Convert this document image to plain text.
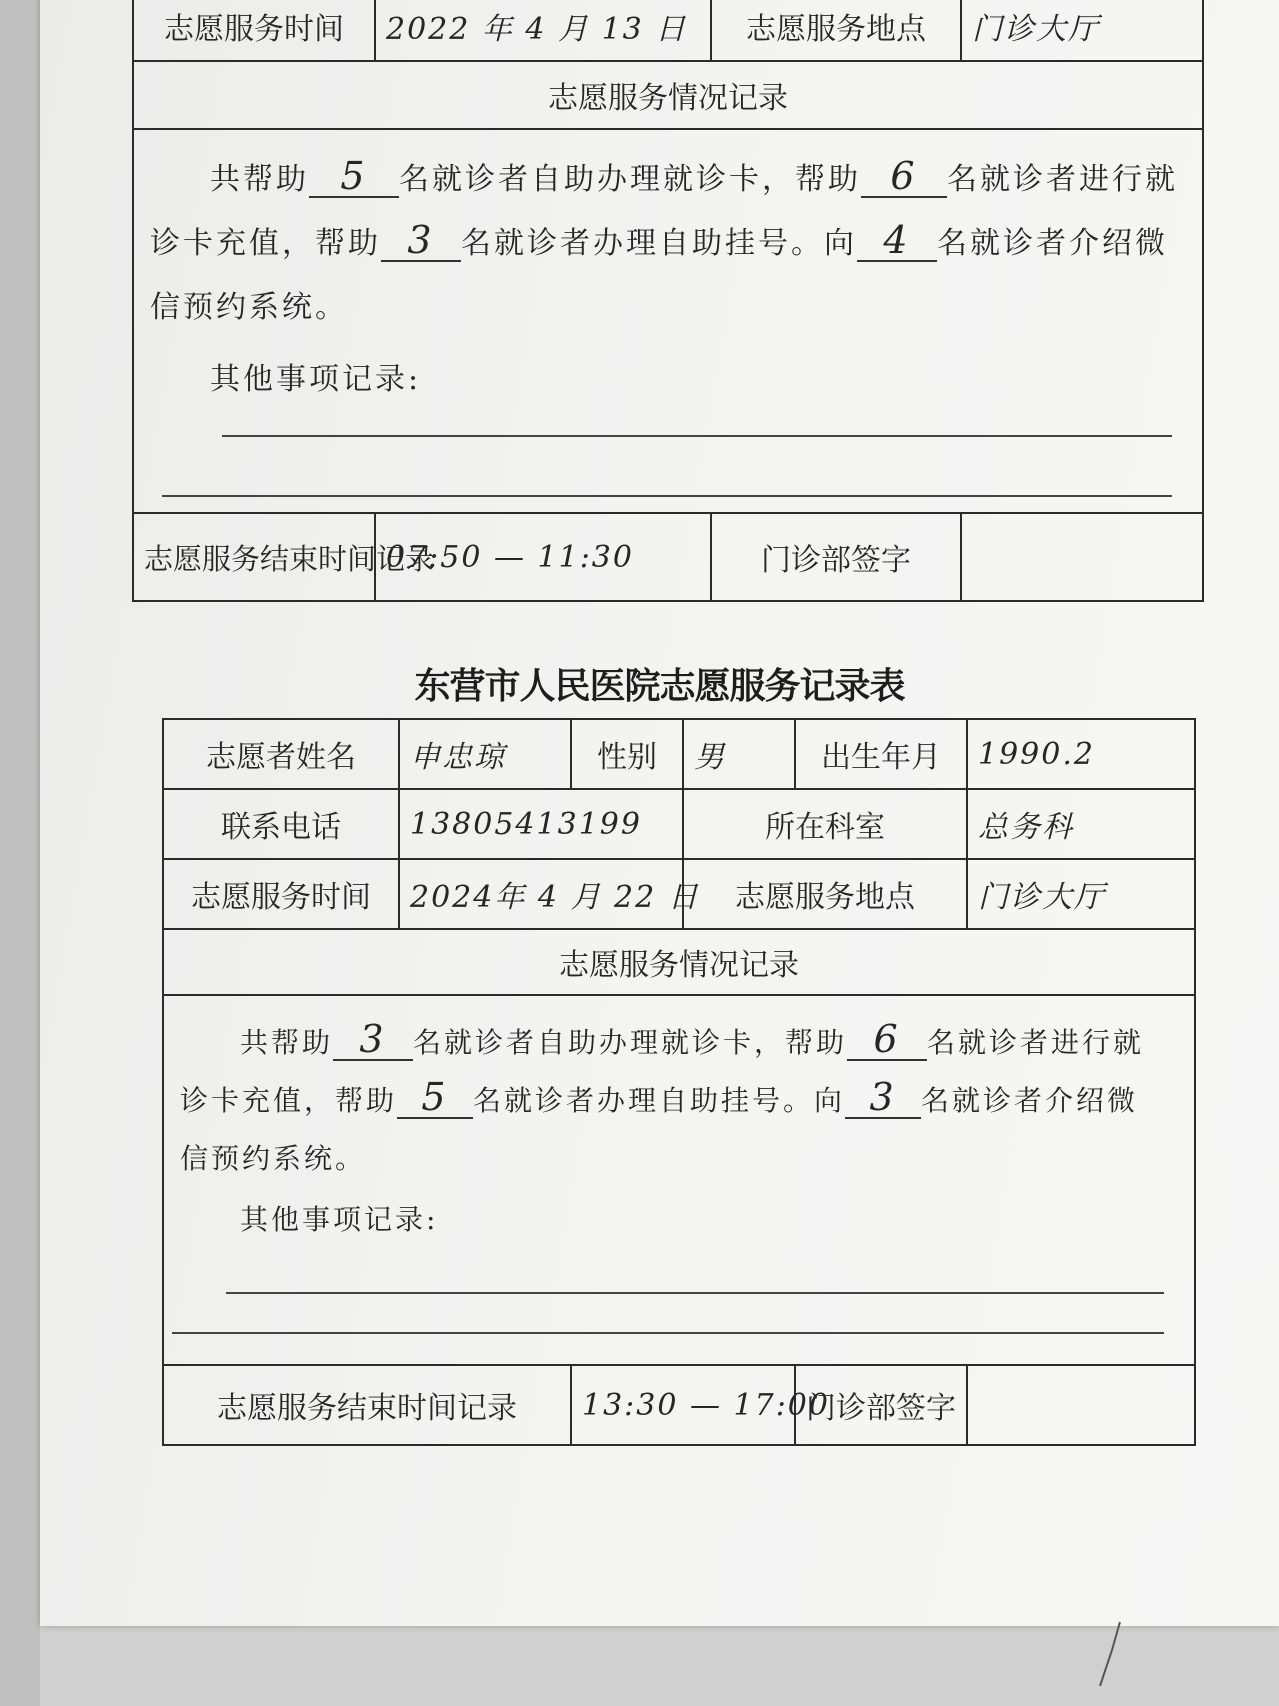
志愿服务时间	2022 年 4 月 13 日	志愿服务地点	门诊大厅
志愿服务情况记录			

共帮助 5 名就诊者自助办理就诊卡，帮助 6 名就诊者进行就

诊卡充值，帮助 3 名就诊者办理自助挂号。向 4 名就诊者介绍微

信预约系统。

其他事项记录:			

志愿服务结束时间记录	07:50 — 11:30	门诊部签字	
东营市人民医院志愿服务记录表
志愿者姓名	申忠琼	性别	男	出生年月	1990.2
联系电话	13805413199		所在科室		总务科
志愿服务时间	2024年 4 月 22 日		志愿服务地点		门诊大厅
志愿服务情况记录					

共帮助 3 名就诊者自助办理就诊卡，帮助 6 名就诊者进行就

诊卡充值，帮助 5 名就诊者办理自助挂号。向 3 名就诊者介绍微

信预约系统。

其他事项记录:					

志愿服务结束时间记录		13:30 — 17:00		门诊部签字	
